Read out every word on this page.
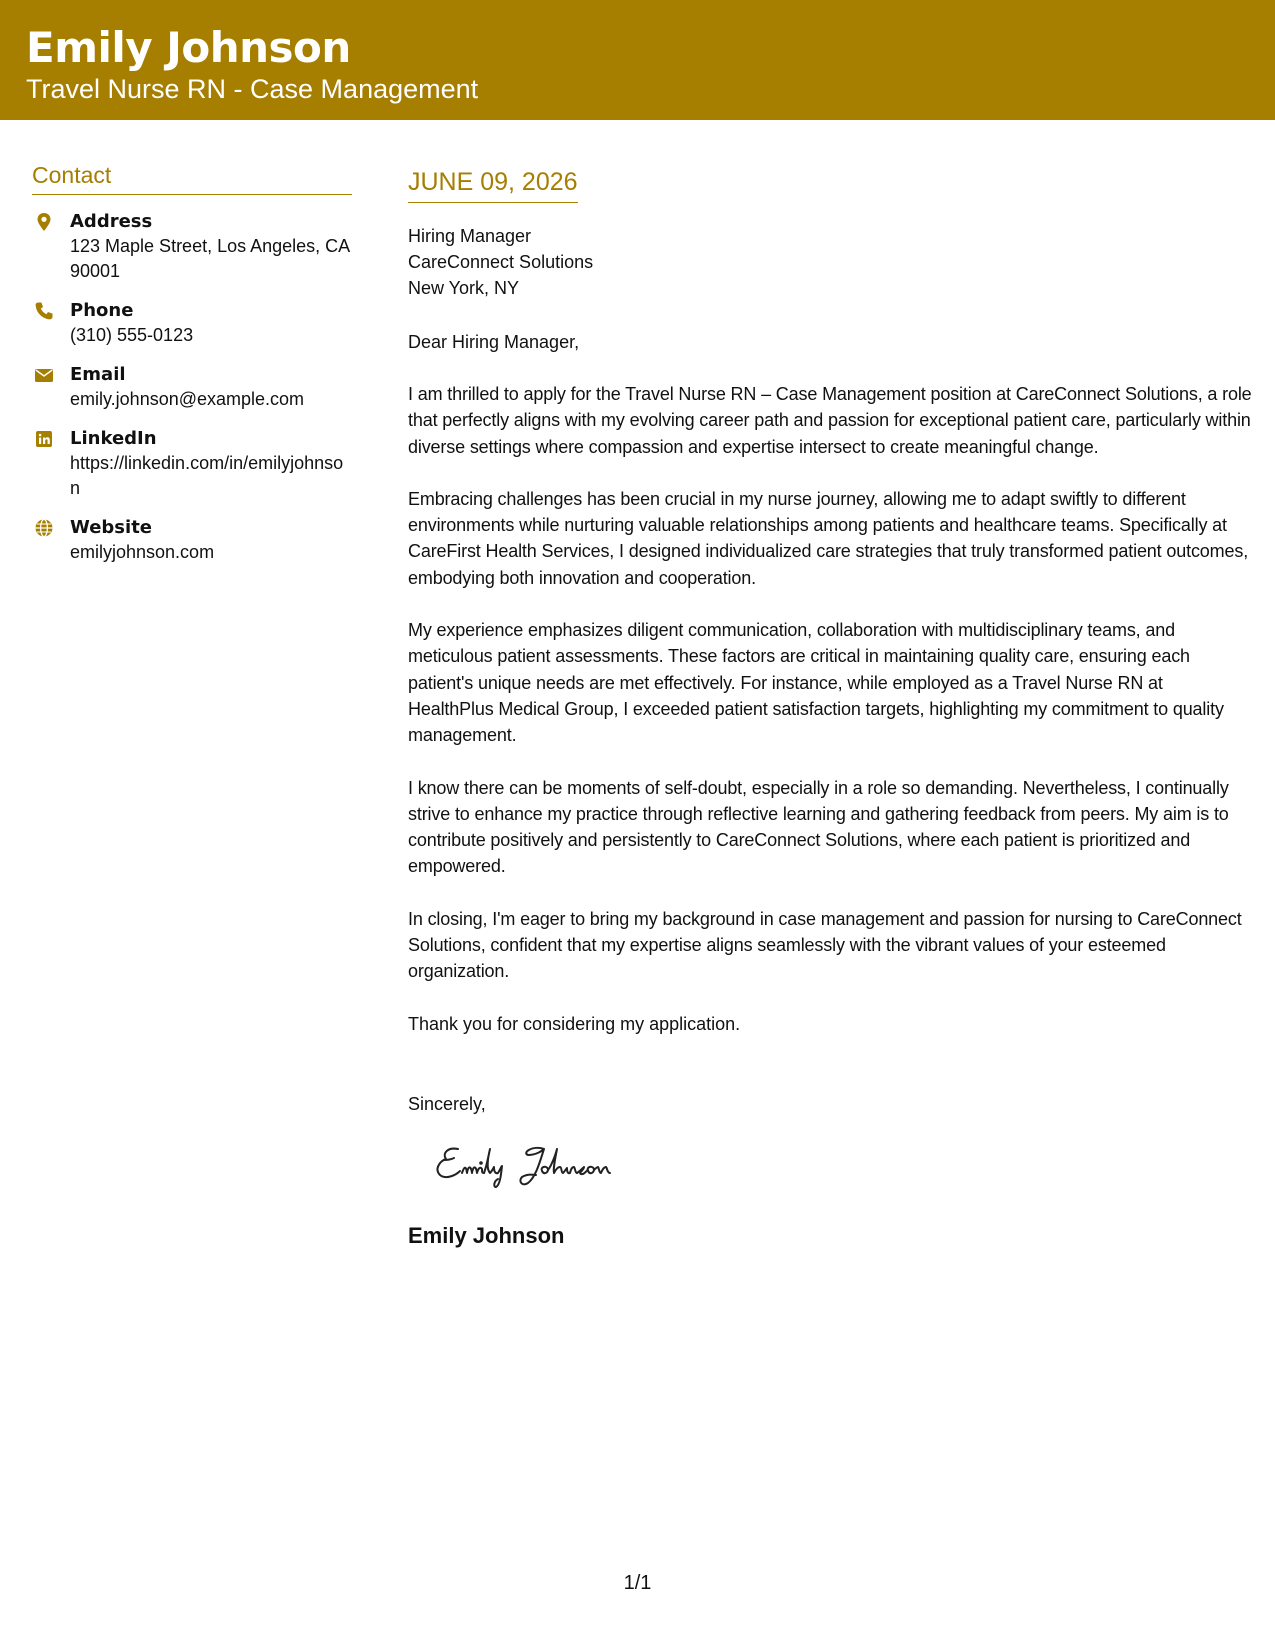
Emily Johnson
Travel Nurse RN - Case Management
Contact
Address
123 Maple Street, Los Angeles, CA 90001
Phone
(310) 555-0123
Email
emily.johnson@example.com
LinkedIn
https://linkedin.com/in/emilyjohnson
Website
emilyjohnson.com
JUNE 09, 2026
Hiring Manager
CareConnect Solutions
New York, NY
Dear Hiring Manager,
I am thrilled to apply for the Travel Nurse RN – Case Management position at CareConnect Solutions, a role that perfectly aligns with my evolving career path and passion for exceptional patient care, particularly within diverse settings where compassion and expertise intersect to create meaningful change.
Embracing challenges has been crucial in my nurse journey, allowing me to adapt swiftly to different environments while nurturing valuable relationships among patients and healthcare teams. Specifically at CareFirst Health Services, I designed individualized care strategies that truly transformed patient outcomes, embodying both innovation and cooperation.
My experience emphasizes diligent communication, collaboration with multidisciplinary teams, and meticulous patient assessments. These factors are critical in maintaining quality care, ensuring each patient's unique needs are met effectively. For instance, while employed as a Travel Nurse RN at HealthPlus Medical Group, I exceeded patient satisfaction targets, highlighting my commitment to quality management.
I know there can be moments of self-doubt, especially in a role so demanding. Nevertheless, I continually strive to enhance my practice through reflective learning and gathering feedback from peers. My aim is to contribute positively and persistently to CareConnect Solutions, where each patient is prioritized and empowered.
In closing, I'm eager to bring my background in case management and passion for nursing to CareConnect Solutions, confident that my expertise aligns seamlessly with the vibrant values of your esteemed organization.
Thank you for considering my application.
Sincerely,
Emily Johnson
1/1
